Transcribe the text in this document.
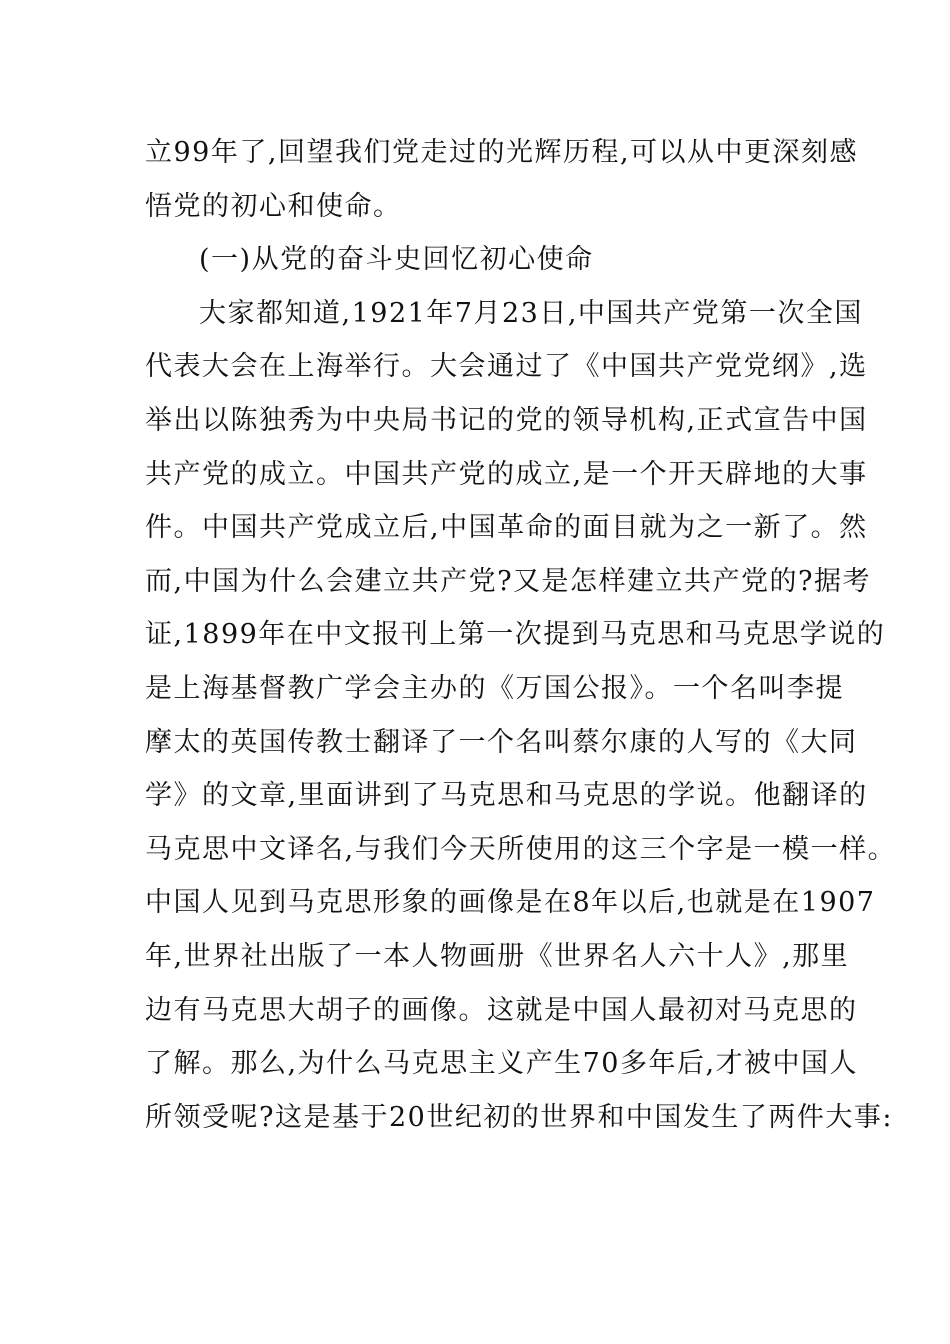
立99年了,回望我们党走过的光辉历程,可以从中更深刻感
悟党的初心和使命。
(一)从党的奋斗史回忆初心使命
大家都知道,1921年7月23日,中国共产党第一次全国
代表大会在上海举行。大会通过了《中国共产党党纲》,选
举出以陈独秀为中央局书记的党的领导机构,正式宣告中国
共产党的成立。中国共产党的成立,是一个开天辟地的大事
件。中国共产党成立后,中国革命的面目就为之一新了。然
而,中国为什么会建立共产党?又是怎样建立共产党的?据考
证,1899年在中文报刊上第一次提到马克思和马克思学说的
是上海基督教广学会主办的《万国公报》。一个名叫李提
摩太的英国传教士翻译了一个名叫蔡尔康的人写的《大同
学》的文章,里面讲到了马克思和马克思的学说。他翻译的
马克思中文译名,与我们今天所使用的这三个字是一模一样。
中国人见到马克思形象的画像是在8年以后,也就是在1907
年,世界社出版了一本人物画册《世界名人六十人》,那里
边有马克思大胡子的画像。这就是中国人最初对马克思的
了解。那么,为什么马克思主义产生70多年后,才被中国人
所领受呢?这是基于20世纪初的世界和中国发生了两件大事:
